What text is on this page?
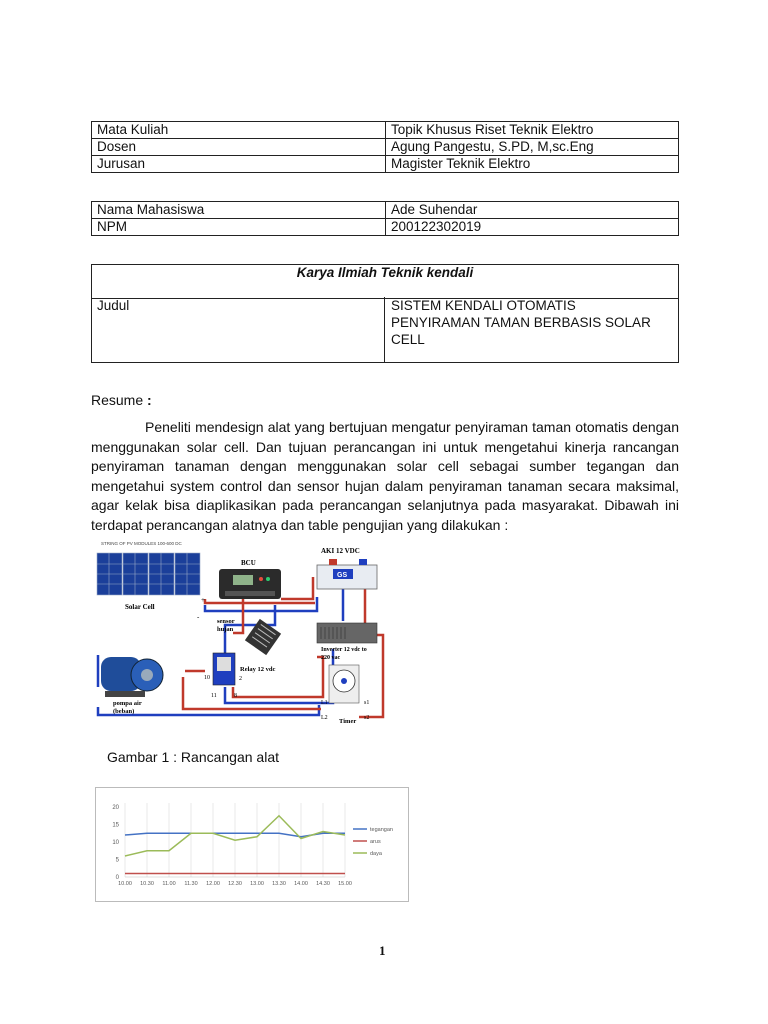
Mata Kuliah	Topik Khusus Riset Teknik Elektro
Dosen	Agung Pangestu, S.PD, M,sc.Eng
Jurusan	Magister Teknik Elektro
Nama Mahasiswa	Ade Suhendar
NPM	200122302019
Karya Ilmiah Teknik kendali
Judul	SISTEM KENDALI OTOMATIS
PENYIRAMAN TAMAN BERBASIS SOLAR
CELL
Resume :
Peneliti mendesign alat yang bertujuan mengatur penyiraman taman otomatis dengan menggunakan solar cell. Dan tujuan perancangan ini untuk mengetahui kinerja rancangan penyiraman tanaman dengan menggunakan solar cell sebagai sumber tegangan dan mengetahui system control dan sensor hujan dalam penyiraman tanaman secara maksimal, agar kelak bisa diaplikasikan pada perancangan selanjutnya pada masyarakat. Dibawah ini terdapat perancangan alatnya dan table pengujian yang dilakukan :
STRING OF PV MODULES 100-600 DC
Solar Cell
+
-
BCU
AKI 12 VDC
GS
sensor
hujan
Relay 12 vdc
10
11	8
2
Inverter 12 vdc to
220 vac
Timer
L1
L2
s1
s2
pompa air
(beban)
Gambar 1 : Rancangan alat
0
5
10
15
20
10.00 10.30 11.00 11.30 12.00 12.30 13.00 13.30 14.00 14.30 15.00
tegangan
arus
daya
1
